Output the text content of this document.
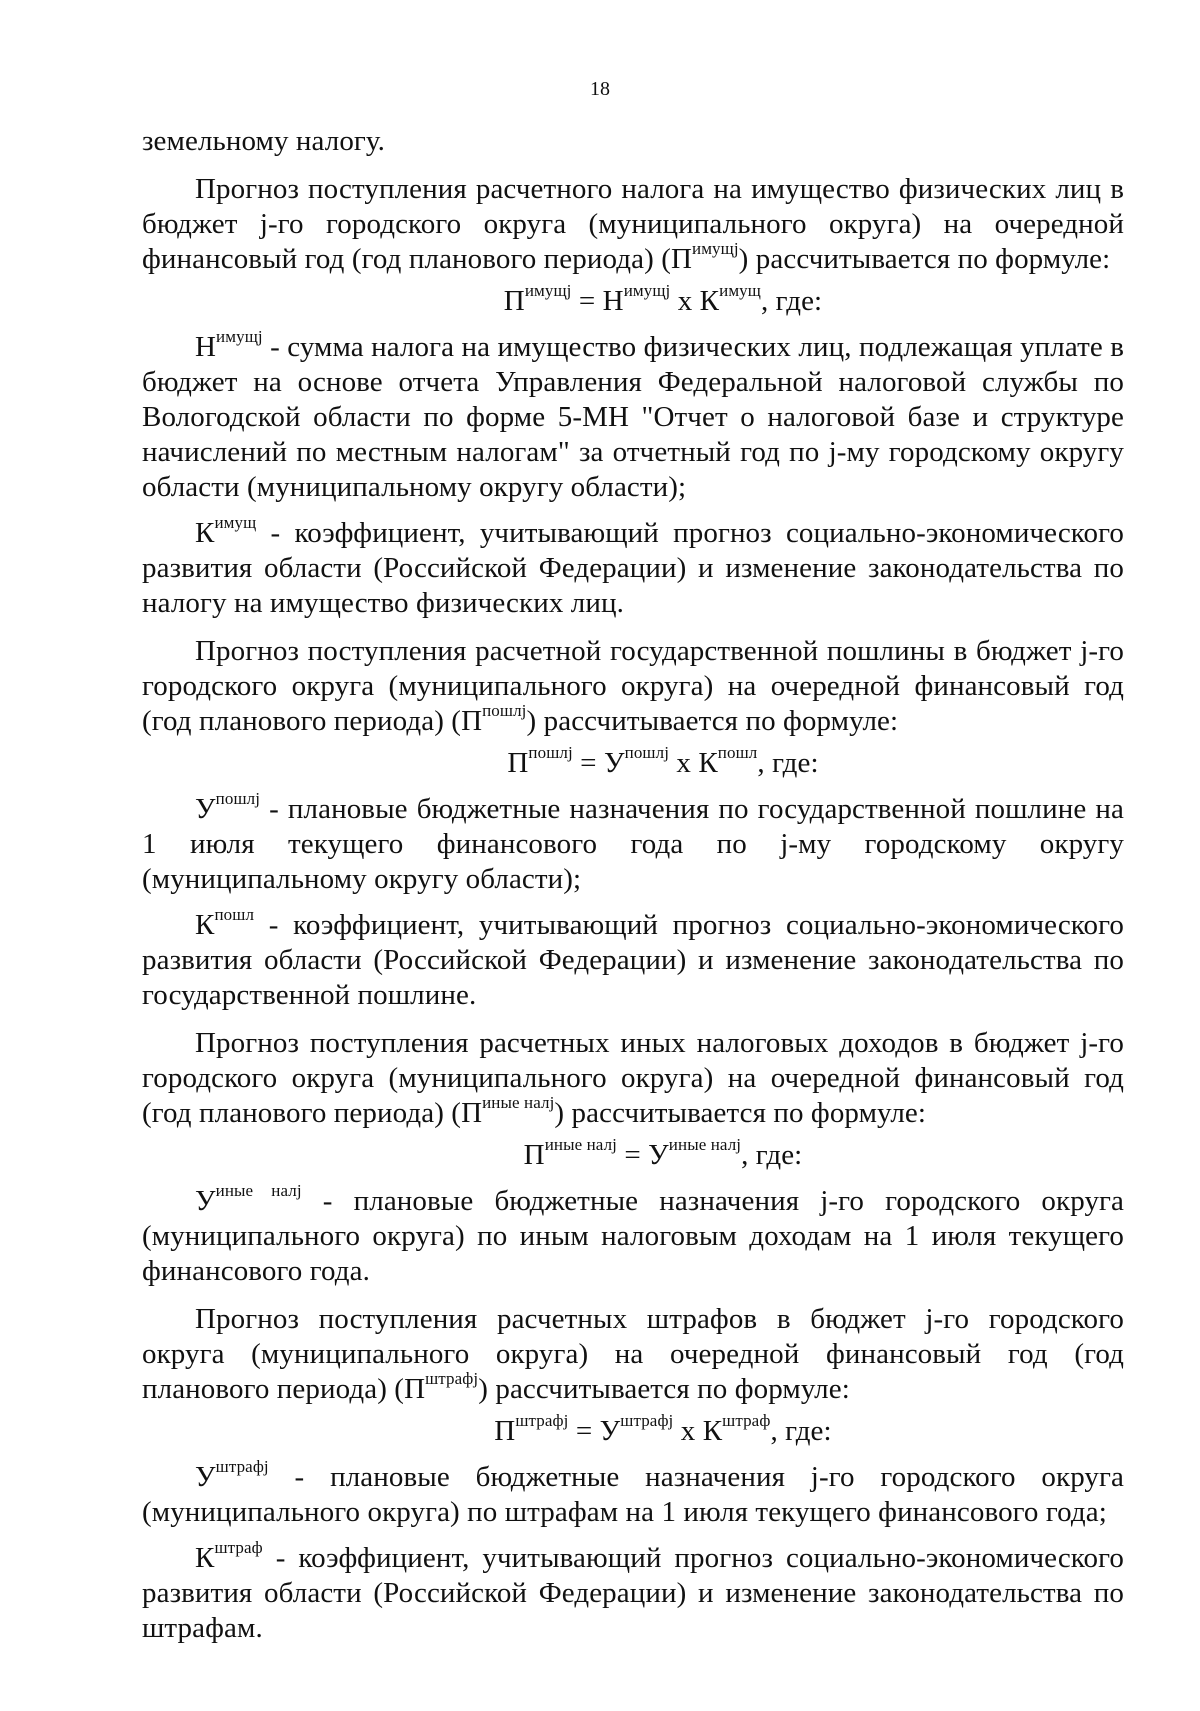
18

земельному налогу.

Прогноз поступления расчетного налога на имущество физических лиц в бюджет j-го городского округа (муниципального округа) на очередной финансовый год (год планового периода) $(П^{имущj})$ рассчитывается по формуле:

$П^{имущj} = Н^{имущj}$ х $К^{имущ}$, где:

$Н^{имущj}$ - сумма налога на имущество физических лиц, подлежащая уплате в бюджет на основе отчета Управления Федеральной налоговой службы по Вологодской области по форме 5-МН "Отчет о налоговой базе и структуре начислений по местным налогам" за отчетный год по j-му городскому округу области (муниципальному округу области);

$К^{имущ}$ - коэффициент, учитывающий прогноз социально-экономического развития области (Российской Федерации) и изменение законодательства по налогу на имущество физических лиц.

Прогноз поступления расчетной государственной пошлины в бюджет j-го городского округа (муниципального округа) на очередной финансовый год (год планового периода) $(П^{пошлj})$ рассчитывается по формуле:

$П^{пошлj} = У^{пошлj}$ х $К^{пошл}$, где:

$У^{пошлj}$ - плановые бюджетные назначения по государственной пошлине на 1 июля текущего финансового года по j-му городскому округу (муниципальному округу области);

$К^{пошл}$ - коэффициент, учитывающий прогноз социально-экономического развития области (Российской Федерации) и изменение законодательства по государственной пошлине.

Прогноз поступления расчетных иных налоговых доходов в бюджет j-го городского округа (муниципального округа) на очередной финансовый год (год планового периода) $(П^{иные налj})$ рассчитывается по формуле:

$П^{иные налj} = У^{иные налj}$, где:

$У^{иные налj}$ - плановые бюджетные назначения j-го городского округа (муниципального округа) по иным налоговым доходам на 1 июля текущего финансового года.

Прогноз поступления расчетных штрафов в бюджет j-го городского округа (муниципального округа) на очередной финансовый год (год планового периода) $(П^{штрафj})$ рассчитывается по формуле:

$П^{штрафj} = У^{штрафj}$ х $К^{штраф}$, где:

$У^{штрафj}$ - плановые бюджетные назначения j-го городского округа (муниципального округа) по штрафам на 1 июля текущего финансового года;

$К^{штраф}$ - коэффициент, учитывающий прогноз социально-экономического развития области (Российской Федерации) и изменение законодательства по штрафам.
